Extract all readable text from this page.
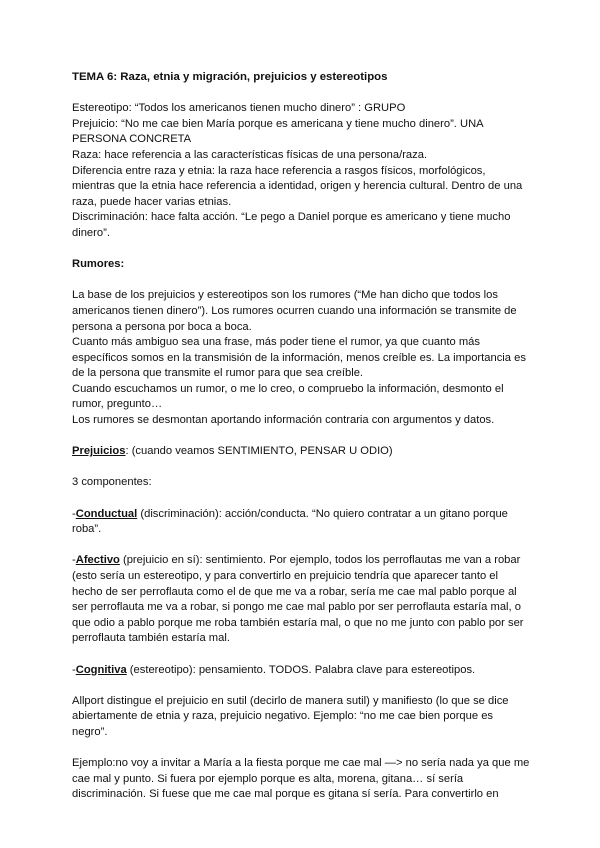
TEMA 6: Raza, etnia y migración, prejuicios y estereotipos

Estereotipo: “Todos los americanos tienen mucho dinero” : GRUPO

Prejuicio: “No me cae bien María porque es americana y tiene mucho dinero”. UNA PERSONA CONCRETA

Raza: hace referencia a las características físicas de una persona/raza.

Diferencia entre raza y etnia: la raza hace referencia a rasgos físicos, morfológicos, mientras que la etnia hace referencia a identidad, origen y herencia cultural. Dentro de una raza, puede hacer varias etnias.

Discriminación: hace falta acción. “Le pego a Daniel porque es americano y tiene mucho dinero”.

Rumores:

La base de los prejuicios y estereotipos son los rumores (“Me han dicho que todos los americanos tienen dinero”). Los rumores ocurren cuando una información se transmite de persona a persona por boca a boca.

Cuanto más ambiguo sea una frase, más poder tiene el rumor, ya que cuanto más específicos somos en la transmisión de la información, menos creíble es. La importancia es de la persona que transmite el rumor para que sea creíble.

Cuando escuchamos un rumor, o me lo creo, o compruebo la información, desmonto el rumor, pregunto…

Los rumores se desmontan aportando información contraria con argumentos y datos.

Prejuicios: (cuando veamos SENTIMIENTO, PENSAR U ODIO)

3 componentes:

-Conductual (discriminación): acción/conducta. “No quiero contratar a un gitano porque roba”.

-Afectivo (prejuicio en sí): sentimiento. Por ejemplo, todos los perroflautas me van a robar (esto sería un estereotipo, y para convertirlo en prejuicio tendría que aparecer tanto el hecho de ser perroflauta como el de que me va a robar, sería me cae mal pablo porque al ser perroflauta me va a robar, si pongo me cae mal pablo por ser perroflauta estaría mal, o que odio a pablo porque me roba también estaría mal, o que no me junto con pablo por ser perroflauta también estaría mal.

-Cognitiva (estereotipo): pensamiento. TODOS. Palabra clave para estereotipos.

Allport distingue el prejuicio en sutil (decirlo de manera sutil) y manifiesto (lo que se dice abiertamente de etnia y raza, prejuicio negativo. Ejemplo: “no me cae bien porque es negro”.

Ejemplo:no voy a invitar a María a la fiesta porque me cae mal —> no sería nada ya que me cae mal y punto. Si fuera por ejemplo porque es alta, morena, gitana… sí sería discriminación. Si fuese que me cae mal porque es gitana sí sería. Para convertirlo en
